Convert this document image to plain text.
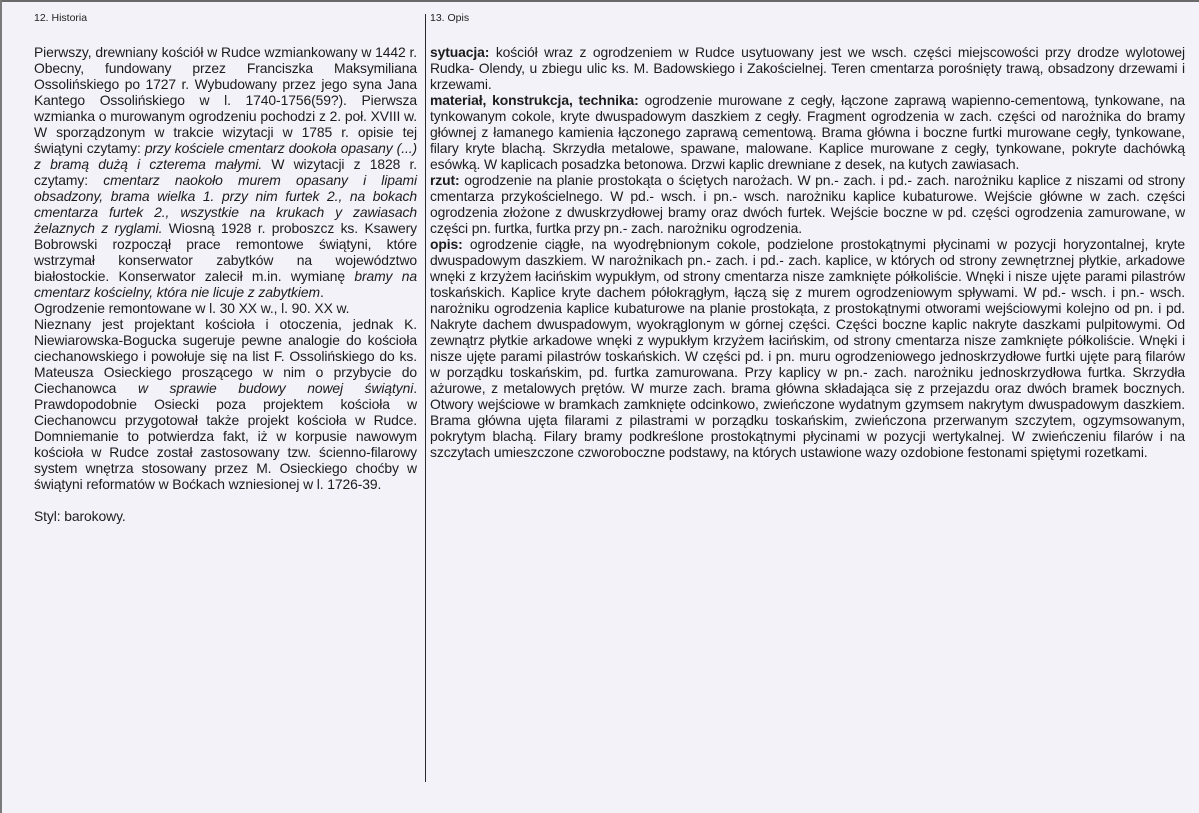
12. Historia

Pierwszy, drewniany kościół w Rudce wzmiankowany w 1442 r. Obecny, fundowany przez Franciszka Maksymiliana Ossolińskiego po 1727 r. Wybudowany przez jego syna Jana Kantego Ossolińskiego w l. 1740-1756(59?). Pierwsza wzmianka o murowanym ogrodzeniu pochodzi z 2. poł. XVIII w. W sporządzonym w trakcie wizytacji w 1785 r. opisie tej świątyni czytamy: przy kościele cmentarz dookoła opasany (...) z bramą dużą i czterema małymi. W wizytacji z 1828 r. czytamy: cmentarz naokoło murem opasany i lipami obsadzony, brama wielka 1. przy nim furtek 2., na bokach cmentarza furtek 2., wszystkie na krukach y zawiasach żelaznych z ryglami. Wiosną 1928 r. proboszcz ks. Ksawery Bobrowski rozpoczął prace remontowe świątyni, które wstrzymał konserwator zabytków na województwo białostockie. Konserwator zalecił m.in. wymianę bramy na cmentarz kościelny, która nie licuje z zabytkiem.

Ogrodzenie remontowane w l. 30 XX w., l. 90. XX w.

Nieznany jest projektant kościoła i otoczenia, jednak K. Niewiarowska-Bogucka sugeruje pewne analogie do kościoła ciechanowskiego i powołuje się na list F. Ossolińskiego do ks. Mateusza Osieckiego proszącego w nim o przybycie do Ciechanowca w sprawie budowy nowej świątyni. Prawdopodobnie Osiecki poza projektem kościoła w Ciechanowcu przygotował także projekt kościoła w Rudce. Domniemanie to potwierdza fakt, iż w korpusie nawowym kościoła w Rudce został zastosowany tzw. ścienno-filarowy system wnętrza stosowany przez M. Osieckiego choćby w świątyni reformatów w Boćkach wzniesionej w l. 1726-39.

Styl: barokowy.

13. Opis

sytuacja: kościół wraz z ogrodzeniem w Rudce usytuowany jest we wsch. części miejscowości przy drodze wylotowej Rudka- Olendy, u zbiegu ulic ks. M. Badowskiego i Zakościelnej. Teren cmentarza porośnięty trawą, obsadzony drzewami i krzewami.

materiał, konstrukcja, technika: ogrodzenie murowane z cegły, łączone zaprawą wapienno-cementową, tynkowane, na tynkowanym cokole, kryte dwuspadowym daszkiem z cegły. Fragment ogrodzenia w zach. części od narożnika do bramy głównej z łamanego kamienia łączonego zaprawą cementową. Brama główna i boczne furtki murowane cegły, tynkowane, filary kryte blachą. Skrzydła metalowe, spawane, malowane. Kaplice murowane z cegły, tynkowane, pokryte dachówką esówką. W kaplicach posadzka betonowa. Drzwi kaplic drewniane z desek, na kutych zawiasach.

rzut: ogrodzenie na planie prostokąta o ściętych narożach. W pn.- zach. i pd.- zach. narożniku kaplice z niszami od strony cmentarza przykościelnego. W pd.- wsch. i pn.- wsch. narożniku kaplice kubaturowe. Wejście główne w zach. części ogrodzenia złożone z dwuskrzydłowej bramy oraz dwóch furtek. Wejście boczne w pd. części ogrodzenia zamurowane, w części pn. furtka, furtka przy pn.- zach. narożniku ogrodzenia.

opis: ogrodzenie ciągłe, na wyodrębnionym cokole, podzielone prostokątnymi płycinami w pozycji horyzontalnej, kryte dwuspadowym daszkiem. W narożnikach pn.- zach. i pd.- zach. kaplice, w których od strony zewnętrznej płytkie, arkadowe wnęki z krzyżem łacińskim wypukłym, od strony cmentarza nisze zamknięte półkoliście. Wnęki i nisze ujęte parami pilastrów toskańskich. Kaplice kryte dachem półokrągłym, łączą się z murem ogrodzeniowym spływami. W pd.- wsch. i pn.- wsch. narożniku ogrodzenia kaplice kubaturowe na planie prostokąta, z prostokątnymi otworami wejściowymi kolejno od pn. i pd. Nakryte dachem dwuspadowym, wyokrąglonym w górnej części. Części boczne kaplic nakryte daszkami pulpitowymi. Od zewnątrz płytkie arkadowe wnęki z wypukłym krzyżem łacińskim, od strony cmentarza nisze zamknięte półkoliście. Wnęki i nisze ujęte parami pilastrów toskańskich. W części pd. i pn. muru ogrodzeniowego jednoskrzydłowe furtki ujęte parą filarów w porządku toskańskim, pd. furtka zamurowana. Przy kaplicy w pn.- zach. narożniku jednoskrzydłowa furtka. Skrzydła ażurowe, z metalowych prętów. W murze zach. brama główna składająca się z przejazdu oraz dwóch bramek bocznych. Otwory wejściowe w bramkach zamknięte odcinkowo, zwieńczone wydatnym gzymsem nakrytym dwuspadowym daszkiem. Brama główna ujęta filarami z pilastrami w porządku toskańskim, zwieńczona przerwanym szczytem, ogzymsowanym, pokrytym blachą. Filary bramy podkreślone prostokątnymi płycinami w pozycji wertykalnej. W zwieńczeniu filarów i na szczytach umieszczone czworoboczne podstawy, na których ustawione wazy ozdobione festonami spiętymi rozetkami.
